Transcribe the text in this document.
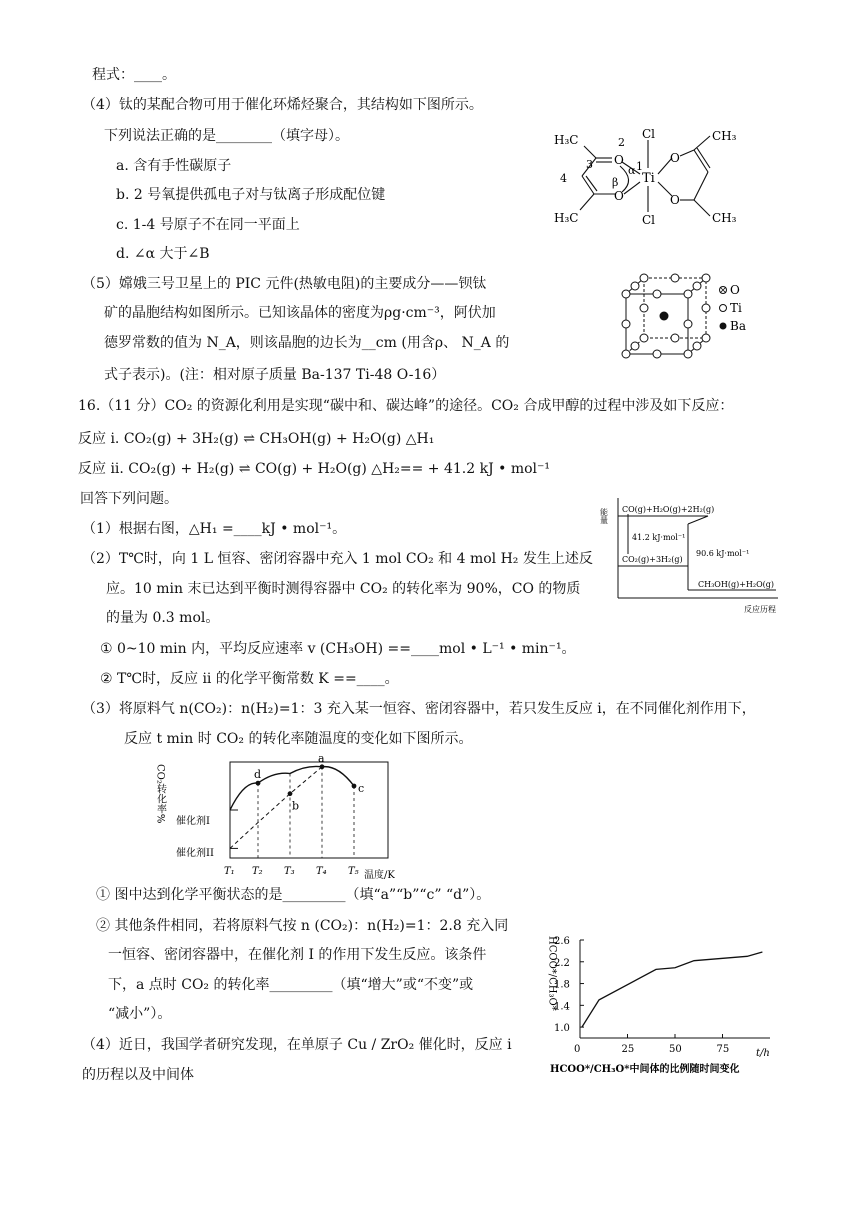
程式：____。
（4）钛的某配合物可用于催化环烯烃聚合，其结构如下图所示。
下列说法正确的是________（填字母）。
a. 含有手性碳原子
b. 2 号氧提供孤电子对与钛离子形成配位键
c. 1-4 号原子不在同一平面上
d. ∠α 大于∠B
（5）嫦娥三号卫星上的 PIC 元件(热敏电阻)的主要成分——钡钛
矿的晶胞结构如图所示。已知该晶体的密度为ρg·cm⁻³，阿伏加
德罗常数的值为 N_A，则该晶胞的边长为__cm (用含ρ、 N_A 的
式子表示)。(注：相对原子质量 Ba-137 Ti-48 O-16）
16.（11 分）CO₂ 的资源化利用是实现“碳中和、碳达峰”的途径。CO₂ 合成甲醇的过程中涉及如下反应：
反应 i. CO₂(g) + 3H₂(g) ⇌ CH₃OH(g) + H₂O(g) △H₁
反应 ii. CO₂(g) + H₂(g) ⇌ CO(g) + H₂O(g) △H₂== + 41.2 kJ • mol⁻¹
回答下列问题。
（1）根据右图，△H₁ =____kJ • mol⁻¹。
（2）T℃时，向 1 L 恒容、密闭容器中充入 1 mol CO₂ 和 4 mol H₂ 发生上述反
应。10 min 末已达到平衡时测得容器中 CO₂ 的转化率为 90%，CO 的物质
的量为 0.3 mol。
① 0~10 min 内，平均反应速率 v (CH₃OH) ==____mol • L⁻¹ • min⁻¹。
② T℃时，反应 ii 的化学平衡常数 K ==____。
（3）将原料气 n(CO₂)：n(H₂)=1：3 充入某一恒容、密闭容器中，若只发生反应 i，在不同催化剂作用下，
反应 t min 时 CO₂ 的转化率随温度的变化如下图所示。
① 图中达到化学平衡状态的是_________（填“a”“b”“c” “d”）。
② 其他条件相同，若将原料气按 n (CO₂)：n(H₂)=1：2.8 充入同
一恒容、密闭容器中，在催化剂 I 的作用下发生反应。该条件
下，a 点时 CO₂ 的转化率_________（填“增大”或“不变”或
“减小”）。
（4）近日，我国学者研究发现，在单原子 Cu / ZrO₂ 催化时，反应 i
的历程以及中间体
H₃C
H₃C
CH₃
CH₃
Cl
Cl
Ti
O
O
O
O
1
2
3
4
α
β
O
Ti
Ba
能量
反应历程
CO(g)+H₂O(g)+2H₂(g)
CO₂(g)+3H₂(g)
CH₃OH(g)+H₂O(g)
41.2 kJ·mol⁻¹
90.6 kJ·mol⁻¹
CO₂转化率%
温度/K
催化剂I
催化剂II
T₁ T₂ T₃ T₄ T₅
d
b
a
c
HCOO*/CH₃O*
t/h
HCOO*/CH₃O*中间体的比例随时间变化
1.0
1.4
1.8
2.2
2.6
0	25	50	75
